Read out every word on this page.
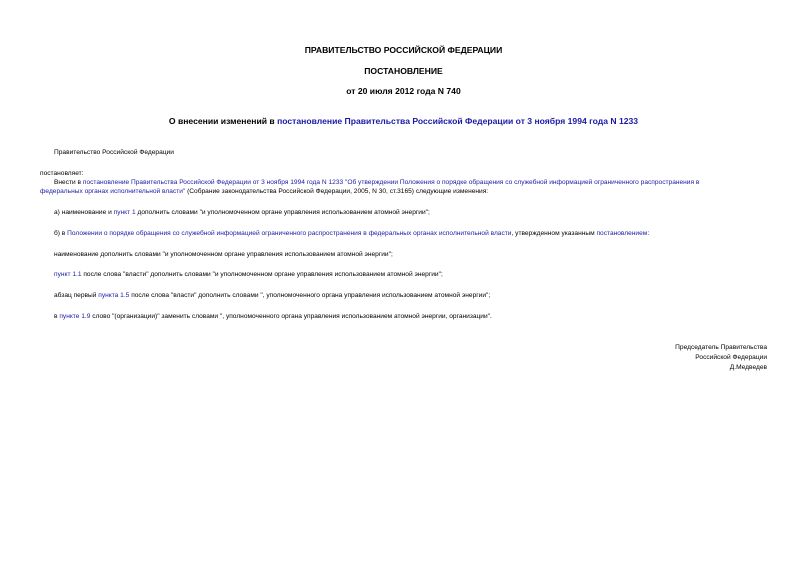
ПРАВИТЕЛЬСТВО РОССИЙСКОЙ ФЕДЕРАЦИИ
ПОСТАНОВЛЕНИЕ
от 20 июля 2012 года N 740
О внесении изменений в постановление Правительства Российской Федерации от 3 ноября 1994 года N 1233
Правительство Российской Федерации
постановляет:
Внести в постановление Правительства Российской Федерации от 3 ноября 1994 года N 1233 "Об утверждении Положения о порядке обращения со служебной информацией ограниченного распространения в
федеральных органах исполнительной власти" (Собрание законодательства Российской Федерации, 2005, N 30, ст.3165) следующие изменения:
а) наименование и пункт 1 дополнить словами "и уполномоченном органе управления использованием атомной энергии";
б) в Положении о порядке обращения со служебной информацией ограниченного распространения в федеральных органах исполнительной власти, утвержденном указанным постановлением:
наименование дополнить словами "и уполномоченном органе управления использованием атомной энергии";
пункт 1.1 после слова "власти" дополнить словами "и уполномоченном органе управления использованием атомной энергии";
абзац первый пункта 1.5 после слова "власти" дополнить словами ", уполномоченного органа управления использованием атомной энергии";
в пункте 1.9 слово "(организации)" заменить словами ", уполномоченного органа управления использованием атомной энергии, организации".
Председатель Правительства
Российской Федерации
Д.Медведев
